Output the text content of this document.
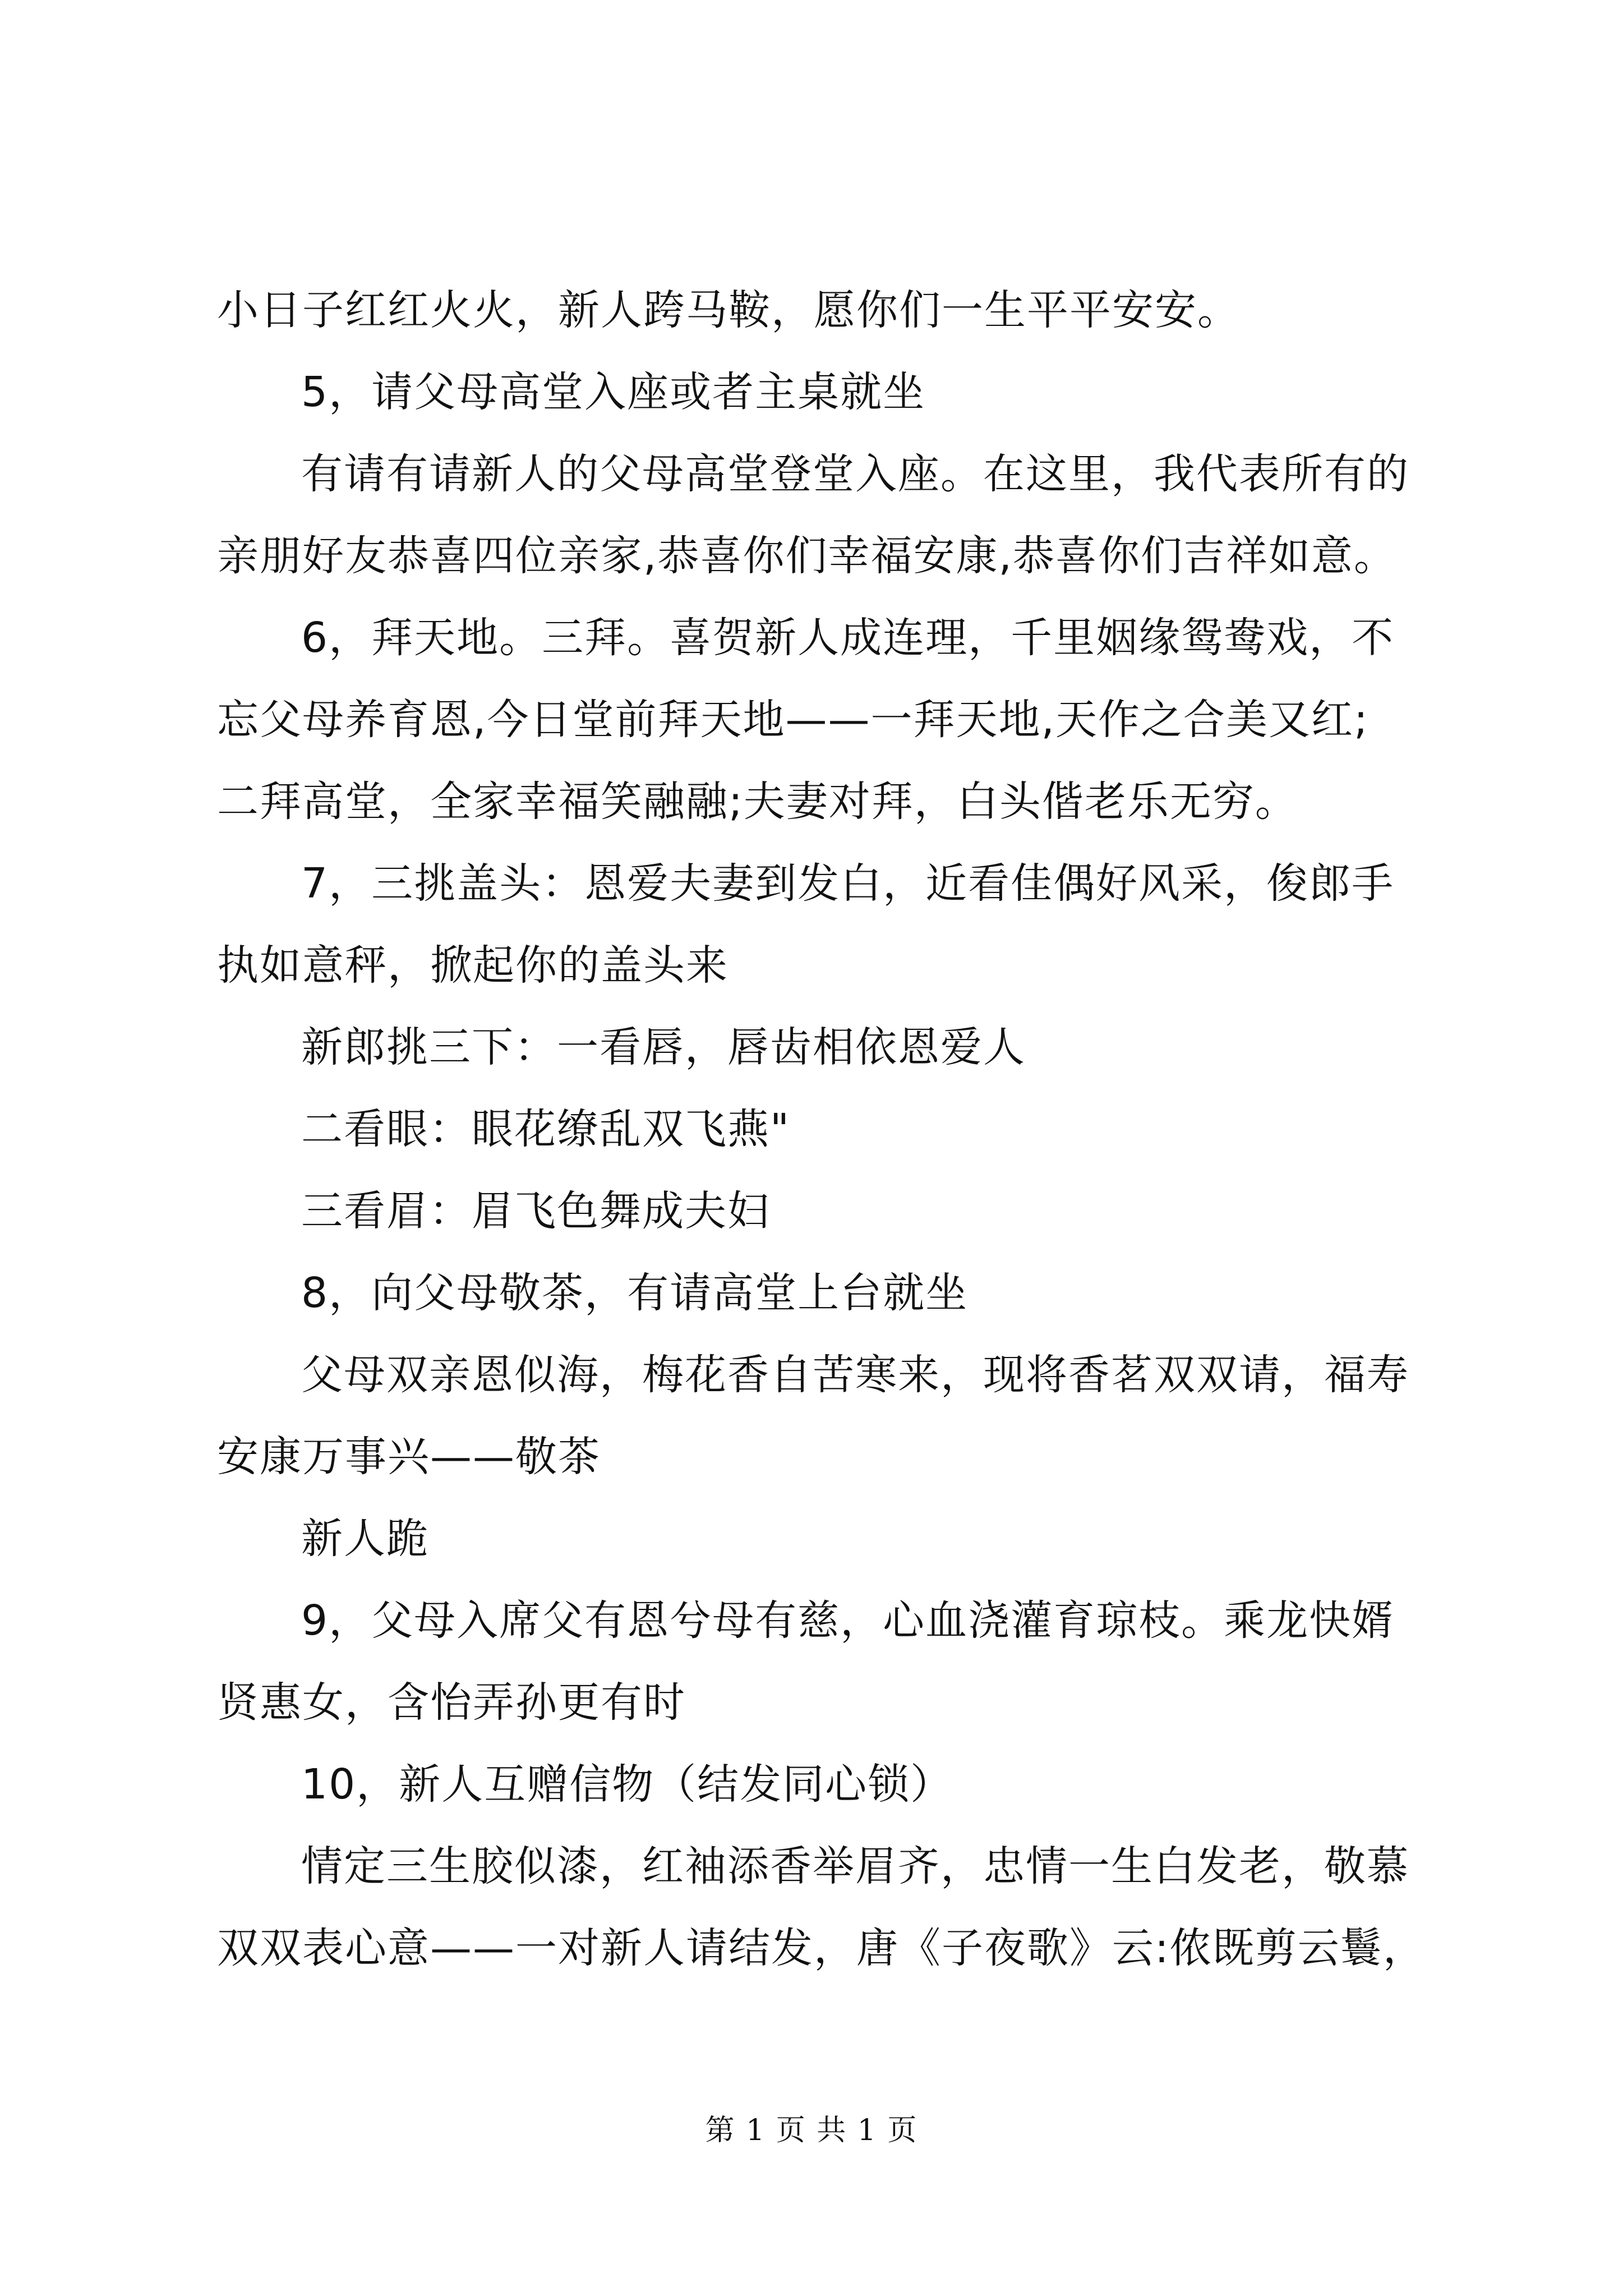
小日子红红火火，新人跨马鞍，愿你们一生平平安安。
5，请父母高堂入座或者主桌就坐
有请有请新人的父母高堂登堂入座。在这里，我代表所有的
亲朋好友恭喜四位亲家,恭喜你们幸福安康,恭喜你们吉祥如意。
6，拜天地。三拜。喜贺新人成连理，千里姻缘鸳鸯戏，不
忘父母养育恩,今日堂前拜天地——一拜天地,天作之合美又红;
二拜高堂，全家幸福笑融融;夫妻对拜，白头偕老乐无穷。
7，三挑盖头：恩爱夫妻到发白，近看佳偶好风采，俊郎手
执如意秤，掀起你的盖头来
新郎挑三下：一看唇，唇齿相依恩爱人
二看眼：眼花缭乱双飞燕"
三看眉：眉飞色舞成夫妇
8，向父母敬茶，有请高堂上台就坐
父母双亲恩似海，梅花香自苦寒来，现将香茗双双请，福寿
安康万事兴——敬茶
新人跪
9，父母入席父有恩兮母有慈，心血浇灌育琼枝。乘龙快婿
贤惠女，含怡弄孙更有时
10，新人互赠信物（结发同心锁）
情定三生胶似漆，红袖添香举眉齐，忠情一生白发老，敬慕
双双表心意——一对新人请结发，唐《子夜歌》云:侬既剪云鬟，
第 1 页 共 1 页
